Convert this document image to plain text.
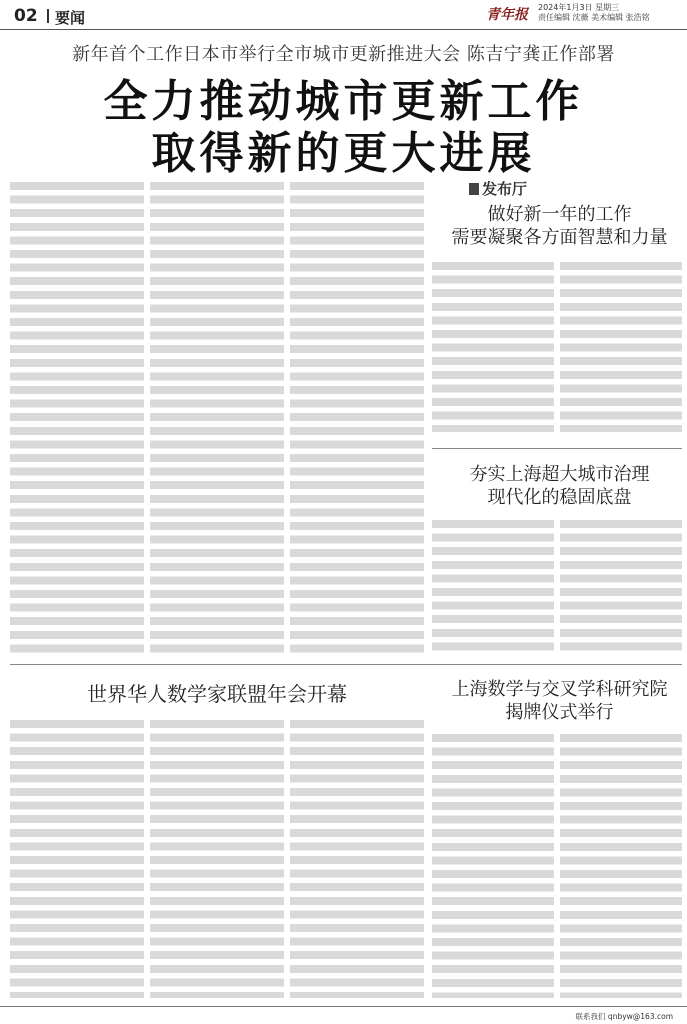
02 要闻	青年报 2024年1月3日 星期三
责任编辑 沈薇 美术编辑 张浩铭
新年首个工作日本市举行全市城市更新推进大会 陈吉宁龚正作部署
全力推动城市更新工作
取得新的更大进展
发布厅
做好新一年的工作
需要凝聚各方面智慧和力量
夯实上海超大城市治理
现代化的稳固底盘
世界华人数学家联盟年会开幕	上海数学与交叉学科研究院
揭牌仪式举行
联系我们 qnbyw@163.com
